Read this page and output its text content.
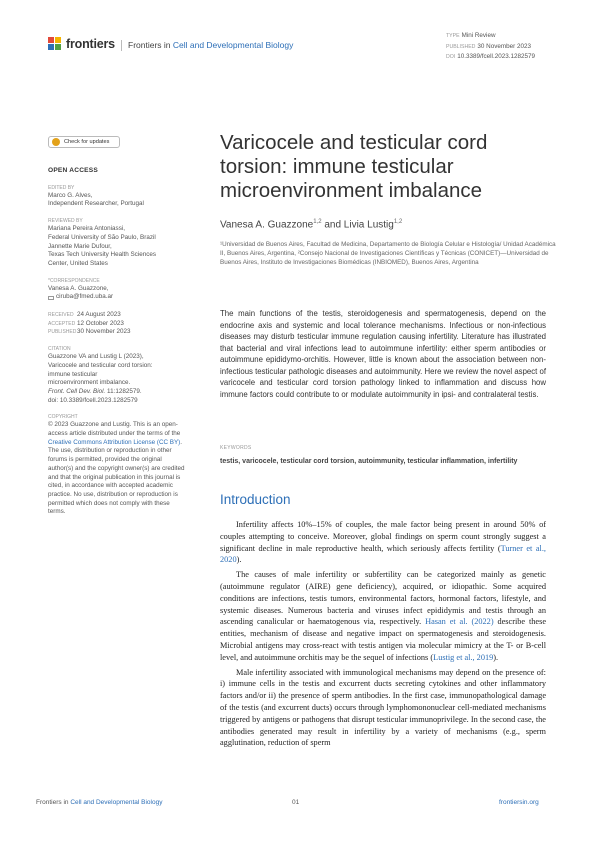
frontiers	Frontiers in Cell and Developmental Biology
TYPE Mini Review
PUBLISHED 30 November 2023
DOI 10.3389/fcell.2023.1282579
Check for updates
OPEN ACCESS
EDITED BY
Marco G. Alves,
Independent Researcher, Portugal
REVIEWED BY
Mariana Pereira Antoniassi,
Federal University of São Paulo, Brazil
Jannette Marie Dufour,
Texas Tech University Health Sciences
Center, United States
*CORRESPONDENCE
Vanesa A. Guazzone,
ciruba@fmed.uba.ar
RECEIVED 24 August 2023
ACCEPTED 12 October 2023
PUBLISHED 30 November 2023
CITATION
Guazzone VA and Lustig L (2023),
Varicocele and testicular cord torsion:
immune testicular
microenvironment imbalance.
Front. Cell Dev. Biol. 11:1282579.
doi: 10.3389/fcell.2023.1282579
COPYRIGHT
© 2023 Guazzone and Lustig. This is an open-access article distributed under the terms of the Creative Commons Attribution License (CC BY). The use, distribution or reproduction in other forums is permitted, provided the original author(s) and the copyright owner(s) are credited and that the original publication in this journal is cited, in accordance with accepted academic practice. No use, distribution or reproduction is permitted which does not comply with these terms.
Varicocele and testicular cord torsion: immune testicular microenvironment imbalance
Vanesa A. Guazzone$^{1,2}$ and Livia Lustig$^{1,2}$
¹Universidad de Buenos Aires, Facultad de Medicina, Departamento de Biología Celular e Histología/ Unidad Académica II, Buenos Aires, Argentina, ²Consejo Nacional de Investigaciones Científicas y Técnicas (CONICET)—Universidad de Buenos Aires, Instituto de Investigaciones Biomédicas (INBIOMED), Buenos Aires, Argentina
The main functions of the testis, steroidogenesis and spermatogenesis, depend on the endocrine axis and systemic and local tolerance mechanisms. Infectious or non-infectious diseases may disturb testicular immune regulation causing infertility. Literature has illustrated that bacterial and viral infections lead to autoimmune infertility: either sperm antibodies or autoimmune epididymo-orchitis. However, little is known about the association between non-infectious testicular pathologic diseases and autoimmunity. Here we review the novel aspect of varicocele and testicular cord torsion pathology linked to inflammation and discuss how immune factors could contribute to or modulate autoimmunity in ipsi- and contralateral testis.
KEYWORDS
testis, varicocele, testicular cord torsion, autoimmunity, testicular inflammation, infertility
Introduction

Infertility affects 10%–15% of couples, the male factor being present in around 50% of couples attempting to conceive. Moreover, global findings on sperm count strongly suggest a significant decline in male reproductive health, which seriously affects fertility (Turner et al., 2020).

The causes of male infertility or subfertility can be categorized mainly as genetic (autoimmune regulator (AIRE) gene deficiency), acquired, or idiopathic. Some acquired conditions are infections, testis tumors, environmental factors, hormonal factors, lifestyle, and systemic diseases. Numerous bacteria and viruses infect epididymis and testis through an ascending canalicular or haematogenous via, respectively. Hasan et al. (2022) describe these entities, mechanism of disease and negative impact on spermatogenesis and steroidogenesis. Microbial antigens may cross-react with testis antigen via molecular mimicry at the T- or B-cell level, and autoimmune orchitis may be the sequel of infections (Lustig et al., 2019).

Male infertility associated with immunological mechanisms may depend on the presence of: i) immune cells in the testis and excurrent ducts secreting cytokines and other inflammatory factors and/or ii) the presence of sperm antibodies. In the first case, immunopathological damage of the testis (and excurrent ducts) occurs through lymphomononuclear cell-mediated mechanisms triggered by antigens or pathogens that disrupt testicular immunoprivilege. In the second case, the antibodies generated may result in infertility by a variety of mechanisms (e.g., sperm agglutination, reduction of sperm

Frontiers in Cell and Developmental Biology	01	frontiersin.org
